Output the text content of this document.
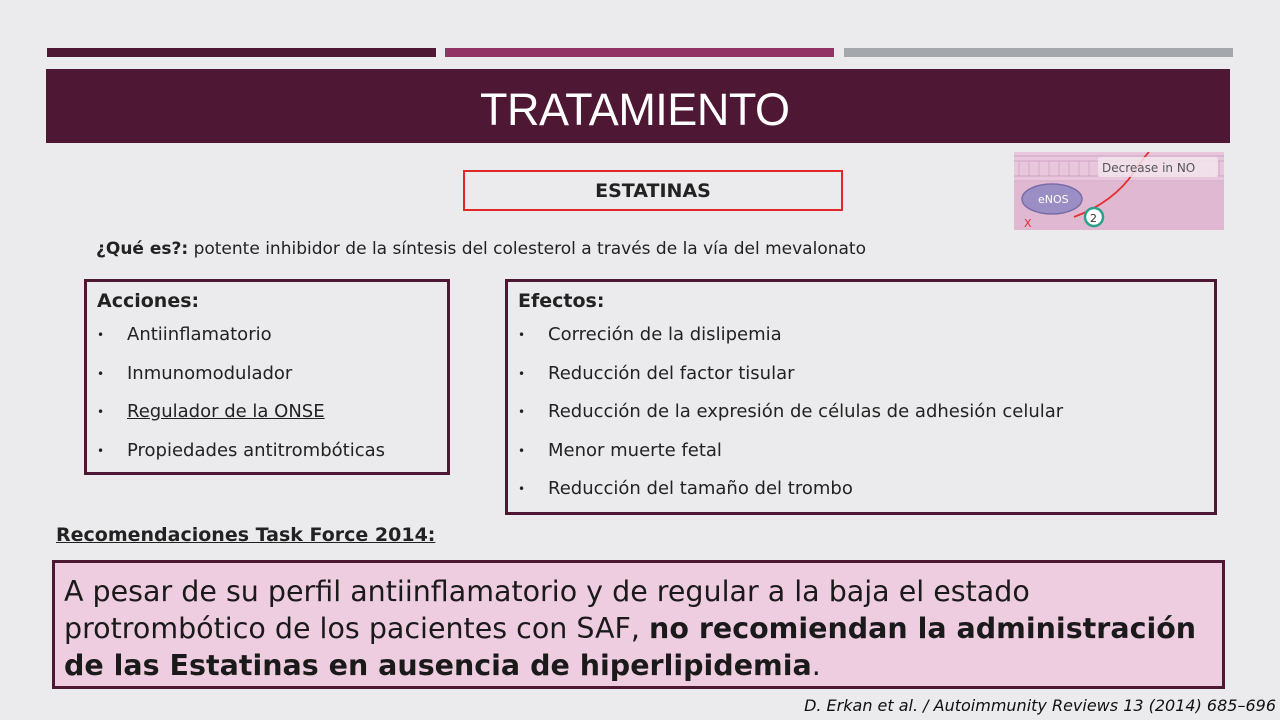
TRATAMIENTO
ESTATINAS
Decrease in NO
eNOS
2
X
¿Qué es?: potente inhibidor de la síntesis del colesterol a través de la vía del mevalonato
Acciones:
• Antiinflamatorio
• Inmunomodulador
• Regulador de la ONSE
• Propiedades antitrombóticas
Efectos:
• Correción de la dislipemia
• Reducción del factor tisular
• Reducción de la expresión de células de adhesión celular
• Menor muerte fetal
• Reducción del tamaño del trombo
Recomendaciones Task Force 2014:
A pesar de su perfil antiinflamatorio y de regular a la baja el estado protrombótico de los pacientes con SAF, no recomiendan la administración de las Estatinas en ausencia de hiperlipidemia.
D. Erkan et al. / Autoimmunity Reviews 13 (2014) 685–696
